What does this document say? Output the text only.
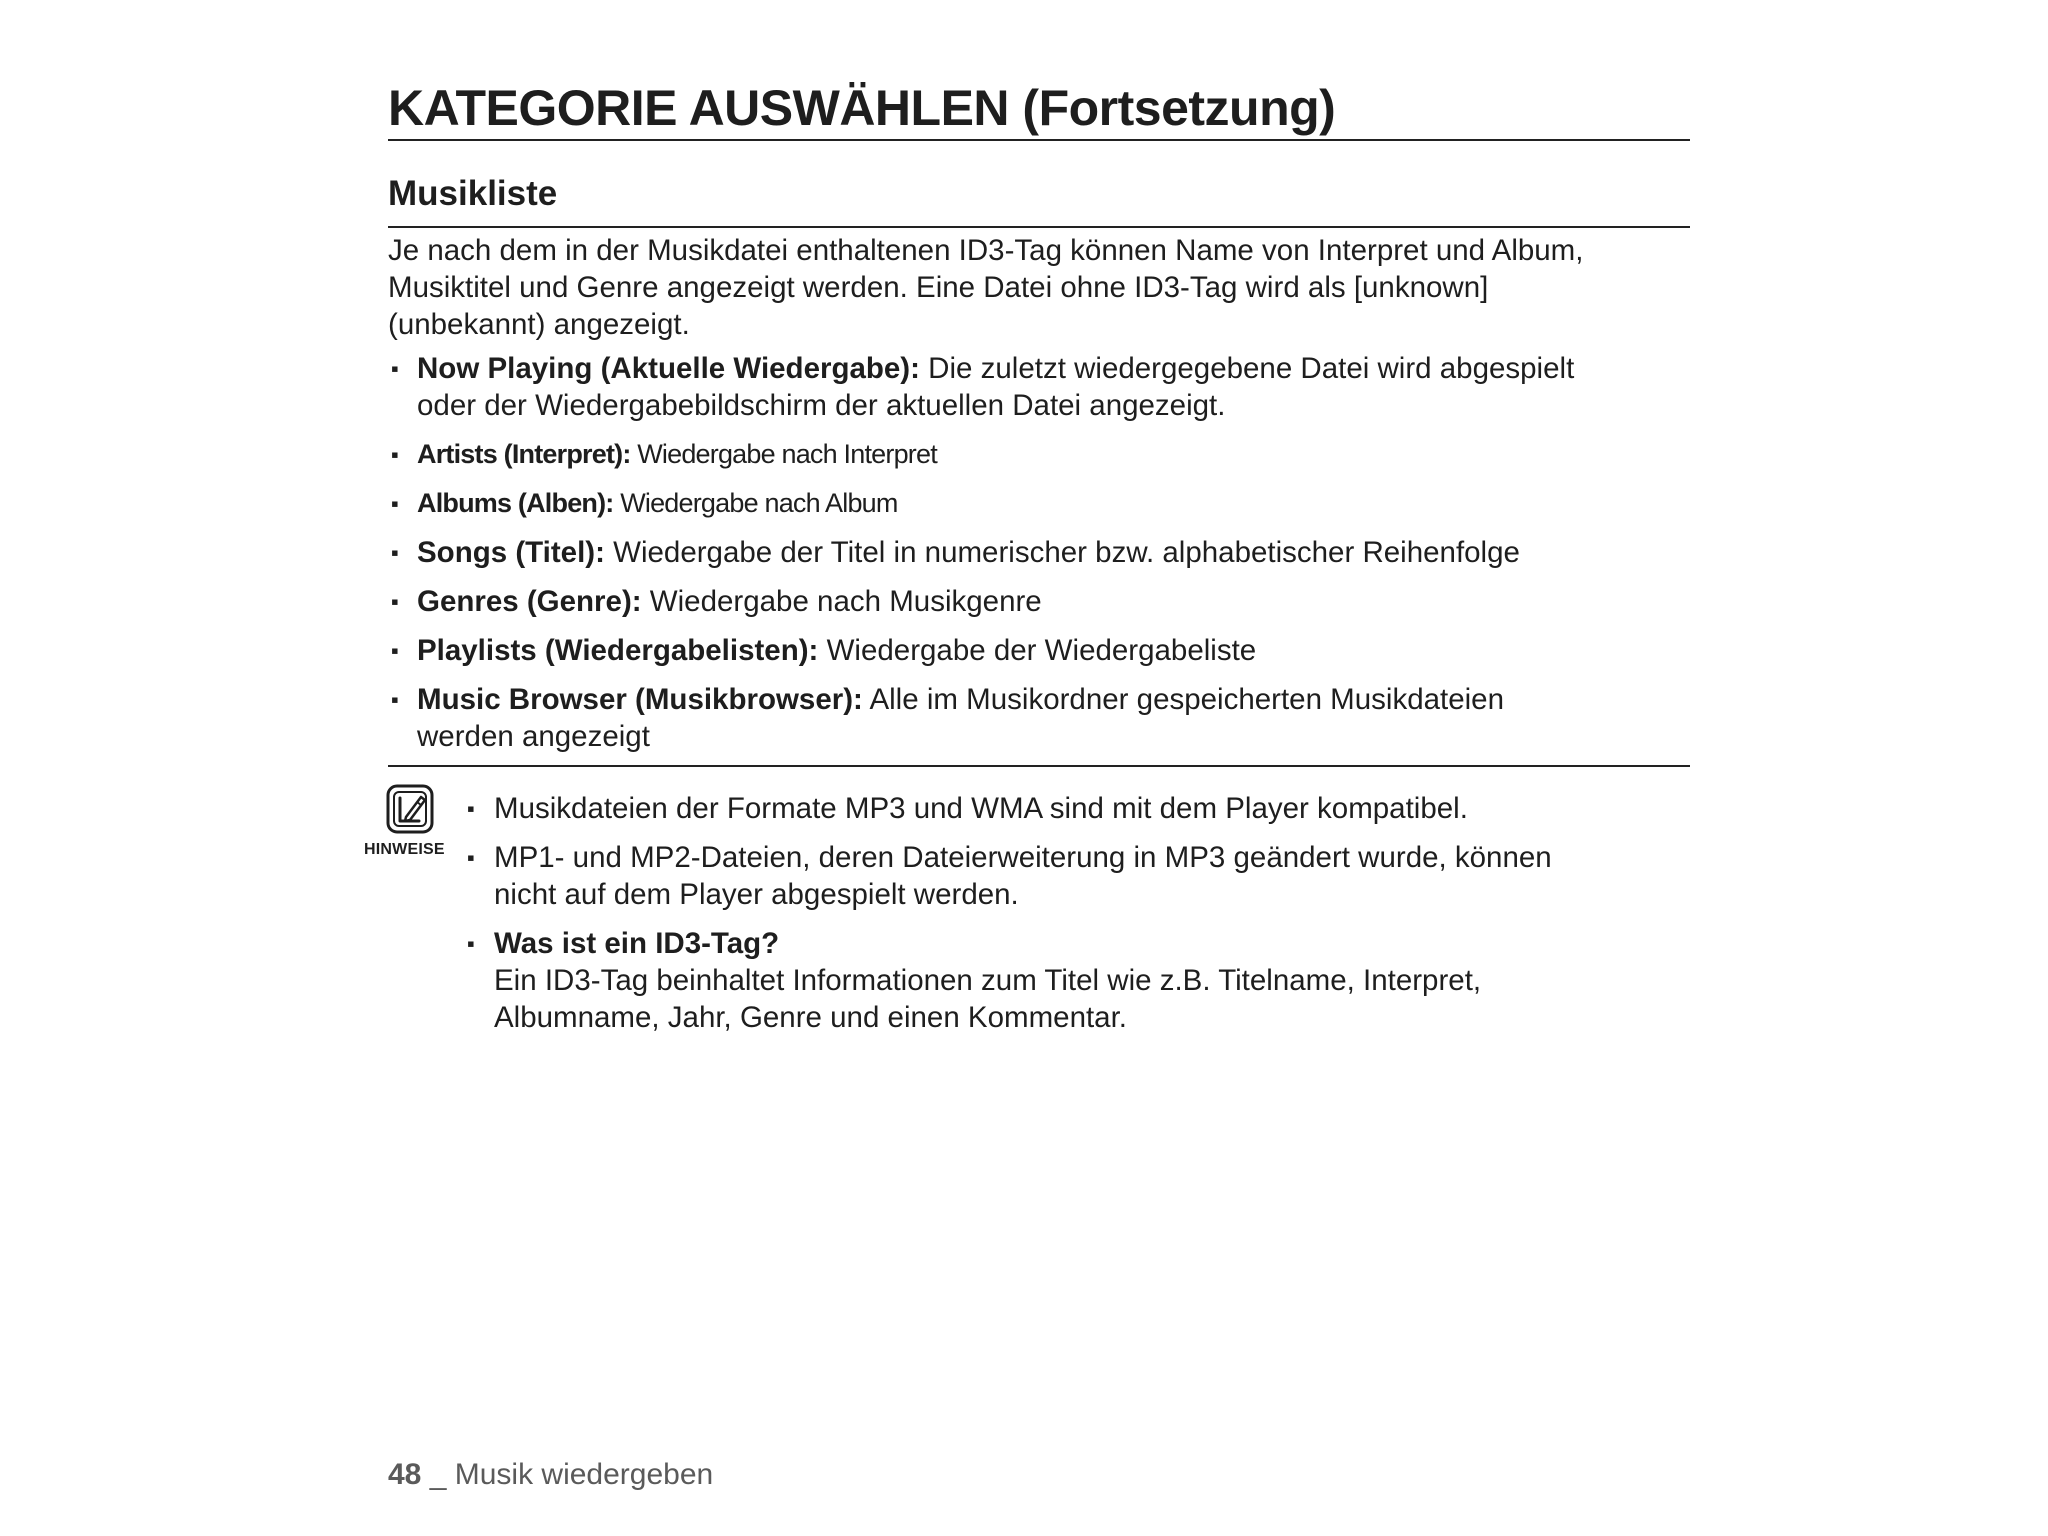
KATEGORIE AUSWÄHLEN (Fortsetzung)
Musikliste

Je nach dem in der Musikdatei enthaltenen ID3-Tag können Name von Interpret und Album,
Musiktitel und Genre angezeigt werden. Eine Datei ohne ID3-Tag wird als [unknown]
(unbekannt) angezeigt.

▪ Now Playing (Aktuelle Wiedergabe): Die zuletzt wiedergegebene Datei wird abgespielt
oder der Wiedergabebildschirm der aktuellen Datei angezeigt.
▪ Artists (Interpret): Wiedergabe nach Interpret
▪ Albums (Alben): Wiedergabe nach Album
▪ Songs (Titel): Wiedergabe der Titel in numerischer bzw. alphabetischer Reihenfolge
▪ Genres (Genre): Wiedergabe nach Musikgenre
▪ Playlists (Wiedergabelisten): Wiedergabe der Wiedergabeliste
▪ Music Browser (Musikbrowser): Alle im Musikordner gespeicherten Musikdateien
werden angezeigt
HINWEISE
▪ Musikdateien der Formate MP3 und WMA sind mit dem Player kompatibel.
▪ MP1- und MP2-Dateien, deren Dateierweiterung in MP3 geändert wurde, können
nicht auf dem Player abgespielt werden.
▪ Was ist ein ID3-Tag?
Ein ID3-Tag beinhaltet Informationen zum Titel wie z.B. Titelname, Interpret,
Albumname, Jahr, Genre und einen Kommentar.
48 _ Musik wiedergeben
